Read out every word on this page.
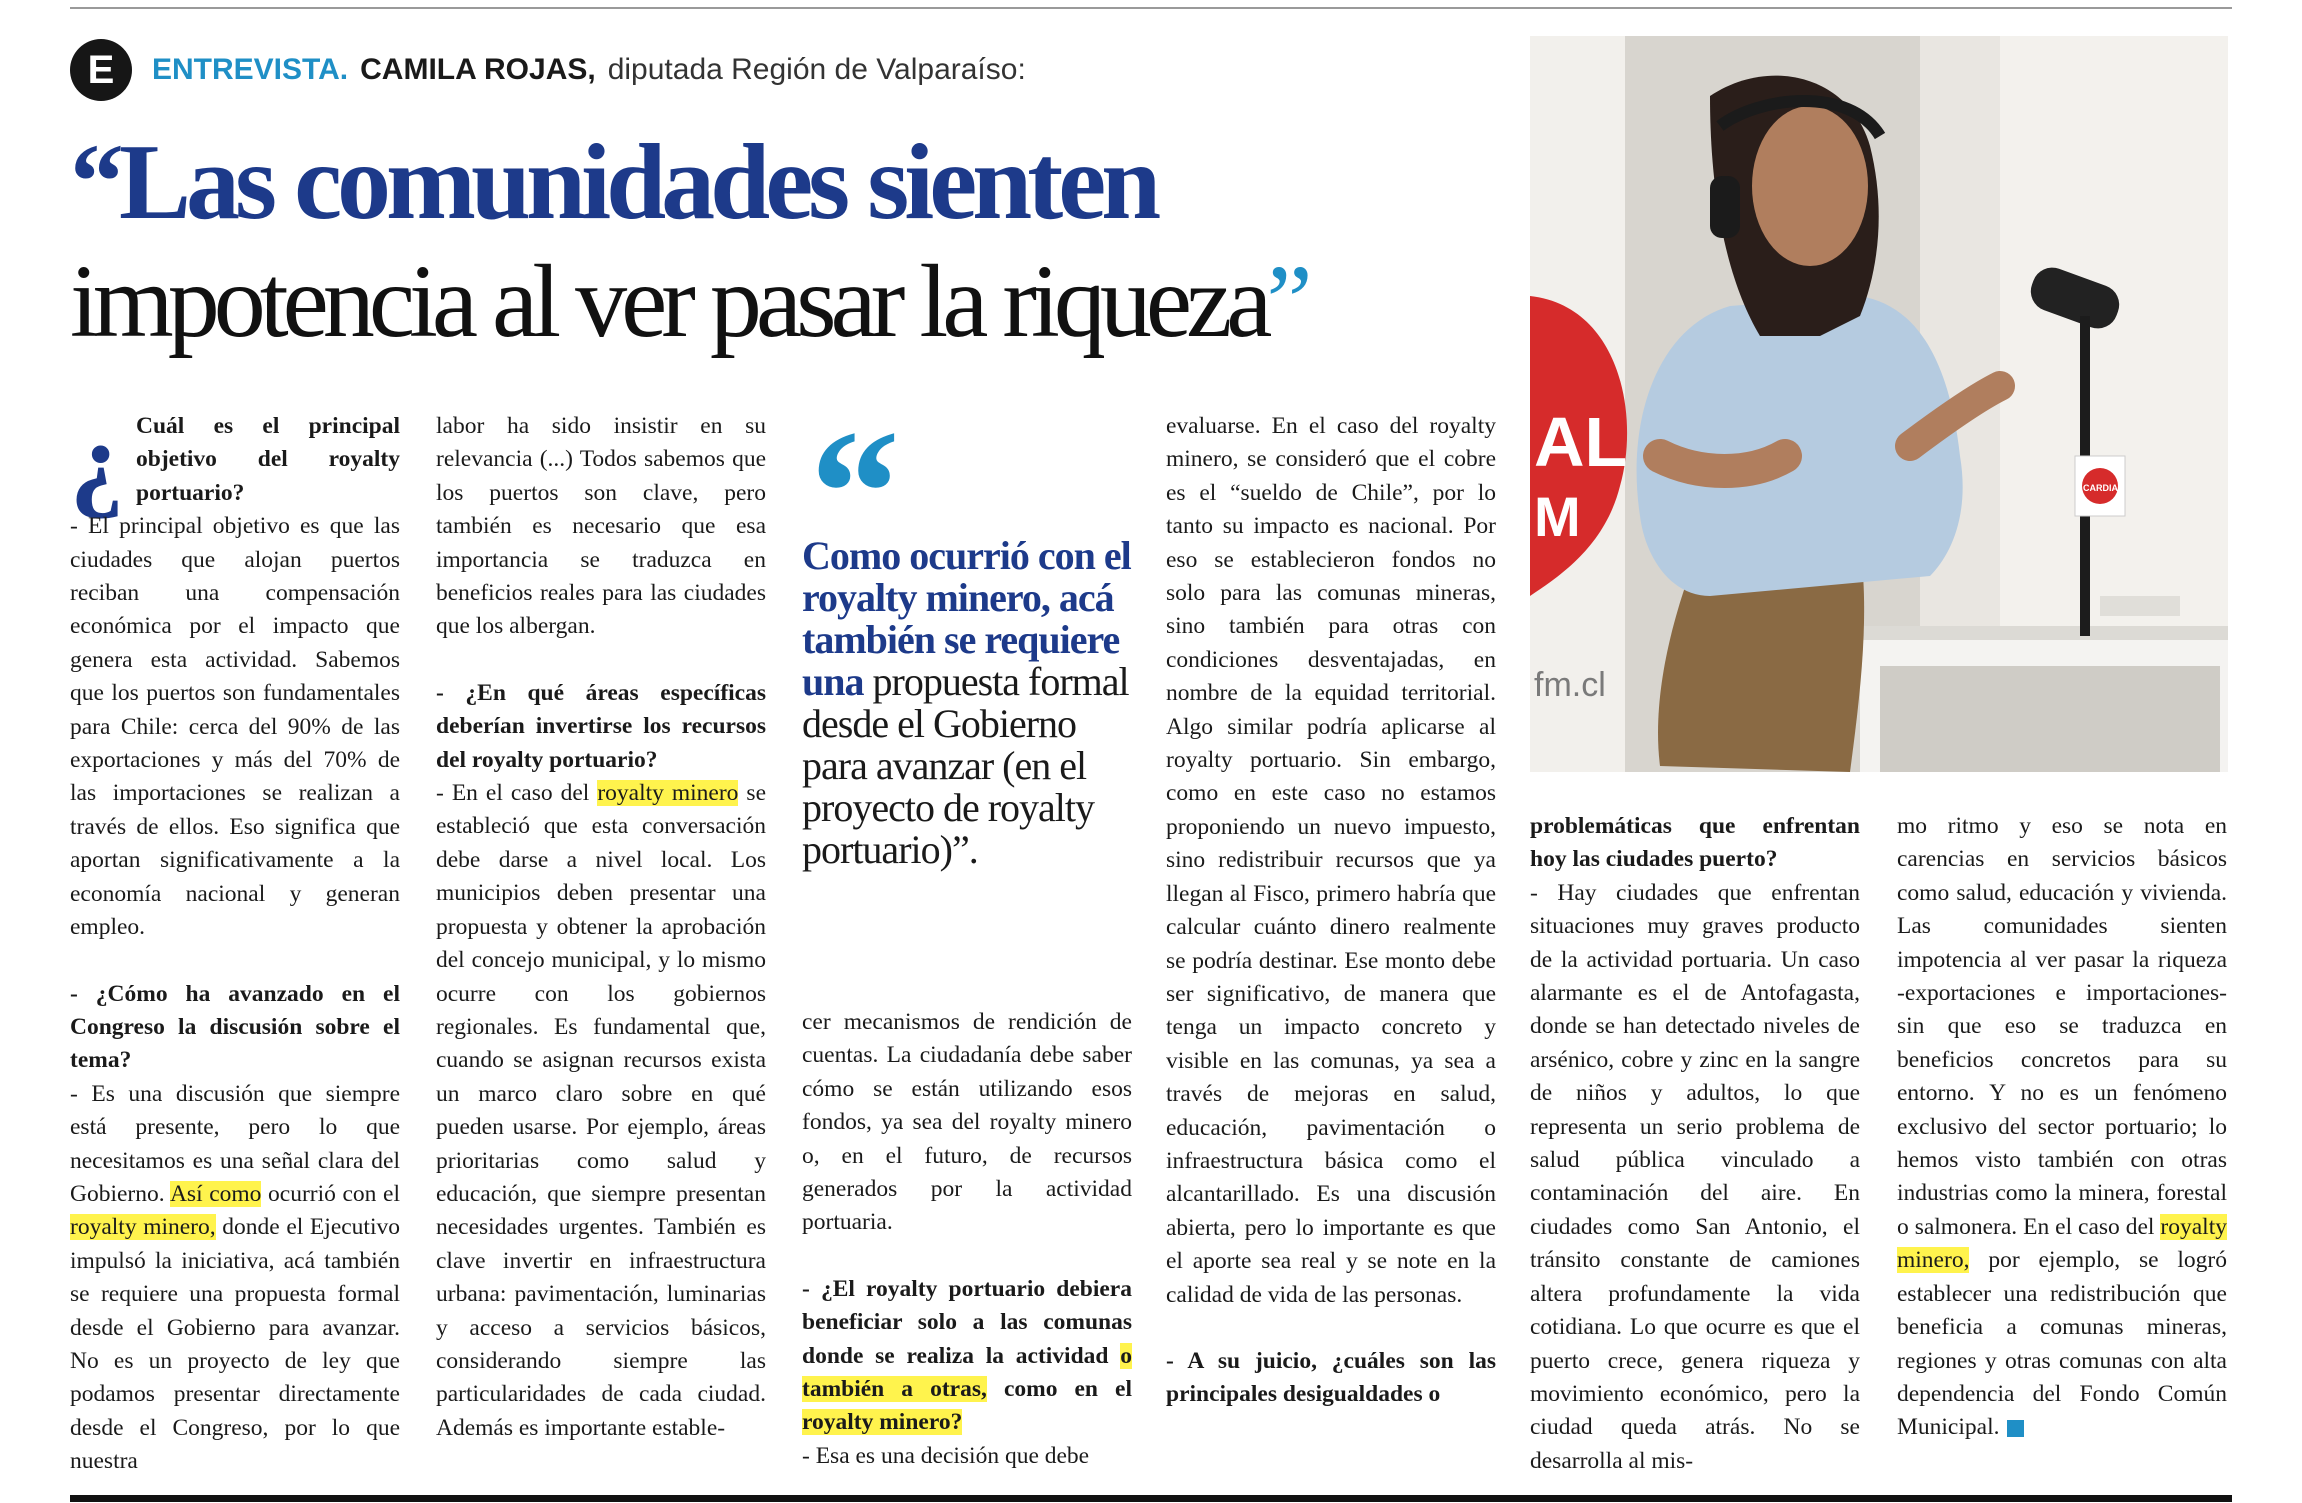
E	ENTREVISTA. CAMILA ROJAS, diputada Región de Valparaíso:
“Las comunidades sienten
impotencia al ver pasar la riqueza”
¿ Cuál es el principal objetivo del royalty portuario?

- El principal objetivo es que las ciudades que alojan puertos reciban una compensación económica por el impacto que genera esta actividad. Sabemos que los puertos son fundamentales para Chile: cerca del 90% de las exportaciones y más del 70% de las importaciones se realizan a través de ellos. Eso significa que aportan significativamente a la economía nacional y generan empleo.

- ¿Cómo ha avanzado en el Congreso la discusión sobre el tema?

- Es una discusión que siempre está presente, pero lo que necesitamos es una señal clara del Gobierno. Así como ocurrió con el royalty minero, donde el Ejecutivo impulsó la iniciativa, acá también se requiere una propuesta formal desde el Gobierno para avanzar. No es un proyecto de ley que podamos presentar directamente desde el Congreso, por lo que nuestra

labor ha sido insistir en su relevancia (...) Todos sabemos que los puertos son clave, pero también es necesario que esa importancia se traduzca en beneficios reales para las ciudades que los albergan.

- ¿En qué áreas específicas deberían invertirse los recursos del royalty portuario?

- En el caso del royalty minero se estableció que esta conversación debe darse a nivel local. Los municipios deben presentar una propuesta y obtener la aprobación del concejo municipal, y lo mismo ocurre con los gobiernos regionales. Es fundamental que, cuando se asignan recursos exista un marco claro sobre en qué pueden usarse. Por ejemplo, áreas prioritarias como salud y educación, que siempre presentan necesidades urgentes. También es clave invertir en infraestructura urbana: pavimentación, luminarias y acceso a servicios básicos, considerando siempre las particularidades de cada ciudad. Además es importante estable-

“
Como ocurrió con el royalty minero, acá también se requiere una propuesta formal desde el Gobierno para avanzar (en el proyecto de royalty portuario)”.

cer mecanismos de rendición de cuentas. La ciudadanía debe saber cómo se están utilizando esos fondos, ya sea del royalty minero o, en el futuro, de recursos generados por la actividad portuaria.

- ¿El royalty portuario debiera beneficiar solo a las comunas donde se realiza la actividad o también a otras, como en el royalty minero?

- Esa es una decisión que debe

evaluarse. En el caso del royalty minero, se consideró que el cobre es el “sueldo de Chile”, por lo tanto su impacto es nacional. Por eso se establecieron fondos no solo para las comunas mineras, sino también para otras con condiciones desventajadas, en nombre de la equidad territorial. Algo similar podría aplicarse al royalty portuario. Sin embargo, como en este caso no estamos proponiendo un nuevo impuesto, sino redistribuir recursos que ya llegan al Fisco, primero habría que calcular cuánto dinero realmente se podría destinar. Ese monto debe ser significativo, de manera que tenga un impacto concreto y visible en las comunas, ya sea a través de mejoras en salud, educación, pavimentación o infraestructura básica como el alcantarillado. Es una discusión abierta, pero lo importante es que el aporte sea real y se note en la calidad de vida de las personas.

- A su juicio, ¿cuáles son las principales desigualdades o

AL
M
fm.cl
CARDIA

problemáticas que enfrentan hoy las ciudades puerto?

- Hay ciudades que enfrentan situaciones muy graves producto de la actividad portuaria. Un caso alarmante es el de Antofagasta, donde se han detectado niveles de arsénico, cobre y zinc en la sangre de niños y adultos, lo que representa un serio problema de salud pública vinculado a contaminación del aire. En ciudades como San Antonio, el tránsito constante de camiones altera profundamente la vida cotidiana. Lo que ocurre es que el puerto crece, genera riqueza y movimiento económico, pero la ciudad queda atrás. No se desarrolla al mis-

mo ritmo y eso se nota en carencias en servicios básicos como salud, educación y vivienda. Las comunidades sienten impotencia al ver pasar la riqueza -exportaciones e importaciones- sin que eso se traduzca en beneficios concretos para su entorno. Y no es un fenómeno exclusivo del sector portuario; lo hemos visto también con otras industrias como la minera, forestal o salmonera. En el caso del royalty minero, por ejemplo, se logró establecer una redistribución que beneficia a comunas mineras, regiones y otras comunas con alta dependencia del Fondo Común Municipal.
